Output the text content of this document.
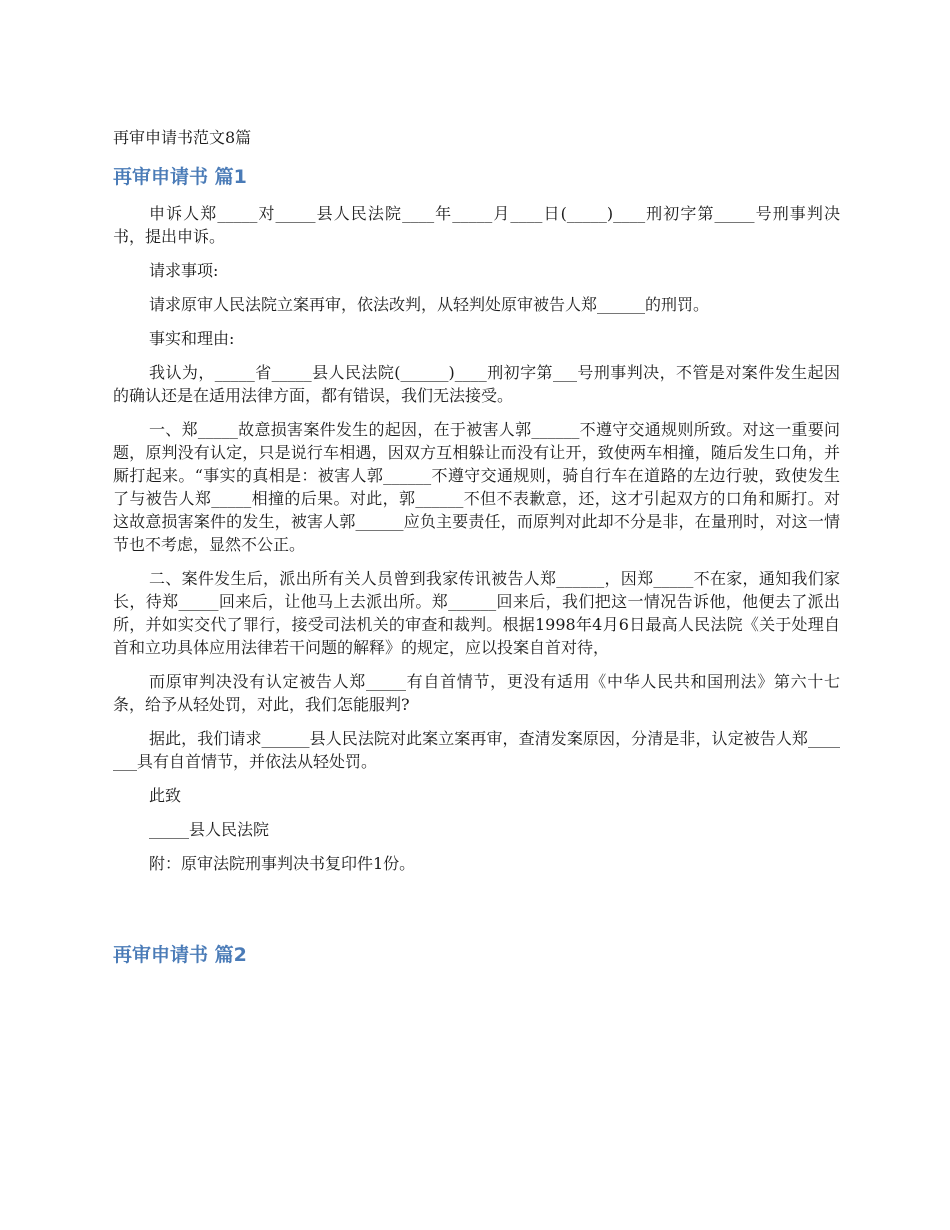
再审申请书范文8篇

再审申请书 篇1

申诉人郑_____对_____县人民法院____年_____月____日(_____)____刑初字第_____号刑事判决书，提出申诉。

请求事项:

请求原审人民法院立案再审，依法改判，从轻判处原审被告人郑______的刑罚。

事实和理由:

我认为，_____省_____县人民法院(______)____刑初字第___号刑事判决，不管是对案件发生起因的确认还是在适用法律方面，都有错误，我们无法接受。

一、郑_____故意损害案件发生的起因，在于被害人郭______不遵守交通规则所致。对这一重要问题，原判没有认定，只是说行车相遇，因双方互相躲让而没有让开，致使两车相撞，随后发生口角，并厮打起来。“事实的真相是：被害人郭______不遵守交通规则，骑自行车在道路的左边行驶，致使发生了与被告人郑_____相撞的后果。对此，郭______不但不表歉意，还，这才引起双方的口角和厮打。对这故意损害案件的发生，被害人郭______应负主要责任，而原判对此却不分是非，在量刑时，对这一情节也不考虑，显然不公正。

二、案件发生后，派出所有关人员曾到我家传讯被告人郑______，因郑_____不在家，通知我们家长，待郑_____回来后，让他马上去派出所。郑______回来后，我们把这一情况告诉他，他便去了派出所，并如实交代了罪行，接受司法机关的审查和裁判。根据1998年4月6日最高人民法院《关于处理自首和立功具体应用法律若干问题的解释》的规定，应以投案自首对待，

而原审判决没有认定被告人郑_____有自首情节，更没有适用《中华人民共和国刑法》第六十七条，给予从轻处罚，对此，我们怎能服判?

据此，我们请求______县人民法院对此案立案再审，查清发案原因，分清是非，认定被告人郑_______具有自首情节，并依法从轻处罚。

此致

_____县人民法院

附：原审法院刑事判决书复印件1份。

再审申请书 篇2
